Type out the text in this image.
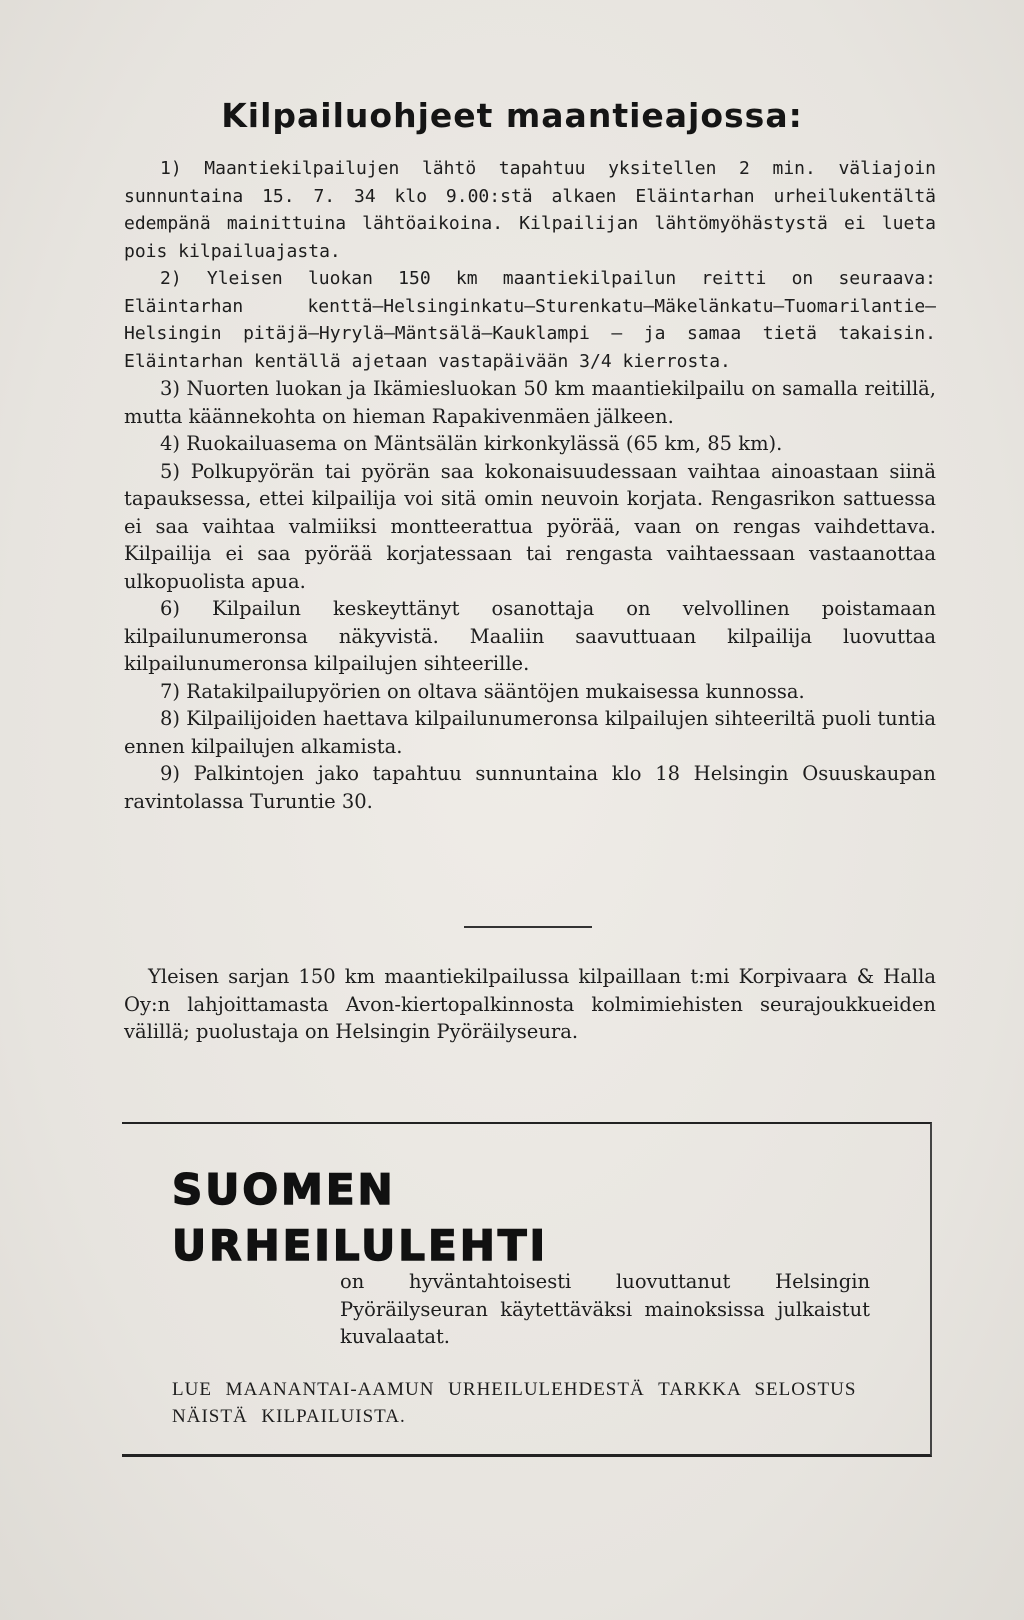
Kilpailuohjeet maantieajossa:

1) Maantiekilpailujen lähtö tapahtuu yksitellen 2 min. väliajoin sunnuntaina 15. 7. 34 klo 9.00:stä alkaen Eläintarhan urheilukentältä edempänä mainittuina lähtöaikoina. Kilpailijan lähtömyöhästystä ei lueta pois kilpailuajasta.

2) Yleisen luokan 150 km maantiekilpailun reitti on seuraava: Eläintarhan kenttä—Helsinginkatu—Sturenkatu—Mäkelänkatu—Tuomarilantie—Helsingin pitäjä—Hyrylä—Mäntsälä—Kauklampi — ja samaa tietä takaisin. Eläintarhan kentällä ajetaan vastapäivään 3/4 kierrosta.

3) Nuorten luokan ja Ikämiesluokan 50 km maantiekilpailu on samalla reitillä, mutta käännekohta on hieman Rapakivenmäen jälkeen.

4) Ruokailuasema on Mäntsälän kirkonkylässä (65 km, 85 km).

5) Polkupyörän tai pyörän saa kokonaisuudessaan vaihtaa ainoastaan siinä tapauksessa, ettei kilpailija voi sitä omin neuvoin korjata. Rengasrikon sattuessa ei saa vaihtaa valmiiksi montteerattua pyörää, vaan on rengas vaihdettava. Kilpailija ei saa pyörää korjatessaan tai rengasta vaihtaessaan vastaanottaa ulkopuolista apua.

6) Kilpailun keskeyttänyt osanottaja on velvollinen poistamaan kilpailunumeronsa näkyvistä. Maaliin saavuttuaan kilpailija luovuttaa kilpailunumeronsa kilpailujen sihteerille.

7) Ratakilpailupyörien on oltava sääntöjen mukaisessa kunnossa.

8) Kilpailijoiden haettava kilpailunumeronsa kilpailujen sihteeriltä puoli tuntia ennen kilpailujen alkamista.

9) Palkintojen jako tapahtuu sunnuntaina klo 18 Helsingin Osuuskaupan ravintolassa Turuntie 30.

Yleisen sarjan 150 km maantiekilpailussa kilpaillaan t:mi Korpivaara & Halla Oy:n lahjoittamasta Avon-kiertopalkinnosta kolmimiehisten seurajoukkueiden välillä; puolustaja on Helsingin Pyöräilyseura.

SUOMEN
URHEILULEHTI
on hyväntahtoisesti luovuttanut Helsingin Pyöräilyseuran käytettäväksi mainoksissa julkaistut kuvalaatat.
LUE MAANANTAI-AAMUN URHEILULEHDESTÄ TARKKA SELOSTUS NÄISTÄ KILPAILUISTA.
